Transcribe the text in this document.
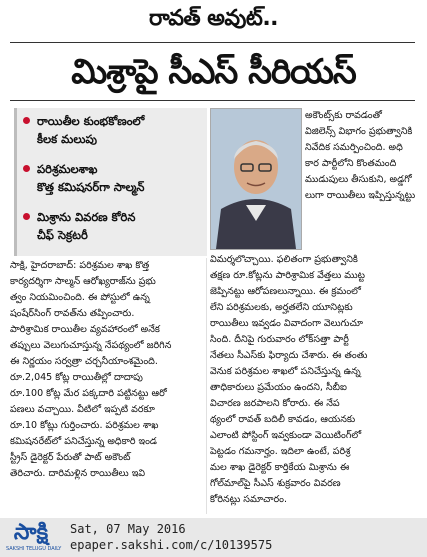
రావత్ అవుట్..
మిశ్రాపై సీఎస్ సీరియస్
రాయితీల కుంభకోణంలో
కీలక మలుపు
పరిశ్రమలశాఖ
కొత్త కమిషనర్‌గా సాల్మన్
మిశ్రాను వివరణ కోరిన
చీఫ్ సెక్రటరీ
అకౌంట్స్‌కు రావడంతో
విజిలెన్స్ విభాగం ప్రభుత్వానికి
నివేదిక సమర్పించింది. అధి
కార పార్టీలోని కొంతమంది
ముడుపులు తీసుకుని, అడ్డగో
లుగా రాయితీలు ఇప్పిస్తున్నట్టు
విమర్శలొచ్చాయి. ఫలితంగా ప్రభుత్వానికి
తక్షణ రూ.కోట్లను పారిశ్రామిక వేత్తలు ముట్ట
జెప్పినట్టు ఆరోపణలున్నాయి. ఈ క్రమంలో
లేని పరిశ్రమలకు, అర్హతలేని యూనిట్లకు
రాయితీలు ఇవ్వడం వివాదంగా వెలుగుచూ
సింది. దీనిపై గురువారం లోక్‌సత్తా పార్టీ
నేతలు సీఎస్‌కు ఫిర్యాదు చేశారు. ఈ తంతు
వెనుక పరిశ్రమల శాఖలో పనిచేస్తున్న ఉన్న
తాధికారులు ప్రమేయం ఉందని, సీబీఐ
విచారణ జరపాలని కోరారు. ఈ నేప
థ్యంలో రావత్ బదిలీ కావడం, ఆయనకు
ఎలాంటి పోస్టింగ్ ఇవ్వకుండా వెయిటింగ్‌లో
పెట్టడం గమనార్హం. ఇదిలా ఉంటే, పరిశ్ర
మల శాఖ డైరెక్టర్ కార్తికేయ మిశ్రాను ఈ
గోల్‌మాల్‌పై సీఎస్ శుక్రవారం వివరణ
కోరినట్లు సమాచారం.
సాక్షి, హైదరాబాద్: పరిశ్రమల శాఖ కొత్త
కార్యదర్శిగా సాల్మన్ ఆరోఖ్యరాజ్‌ను ప్రభు
త్వం నియమించింది. ఈ పోస్టులో ఉన్న
షంషేర్‌సింగ్ రావత్‌ను తప్పించారు.
పారిశ్రామిక రాయితీల వ్యవహారంలో అనేక
తప్పులు వెలుగుచూస్తున్న నేపథ్యంలో జరిగిన
ఈ నిర్ణయం సర్వత్రా చర్చనీయాంశమైంది.
రూ.2,045 కోట్ల రాయితీల్లో దాదాపు
రూ.100 కోట్ల మేర పక్కదారి పట్టినట్టు ఆరో
పణలు వచ్చాయి. వీటిలో ఇప్పటి వరకూ
రూ.10 కోట్లు గుర్తించారు. పరిశ్రమల శాఖ
కమిషనరేట్‌లో పనిచేస్తున్న అధికారి ఇండ
స్ట్రీస్ డైరెక్టర్ పేరుతో పాట్ అకౌంట్
తెరిచారు. దారిమళ్లిన రాయితీలు ఇవి
సాక్షి
SAKSHI TELUGU DAILY
Sat, 07 May 2016
epaper.sakshi.com/c/10139575
